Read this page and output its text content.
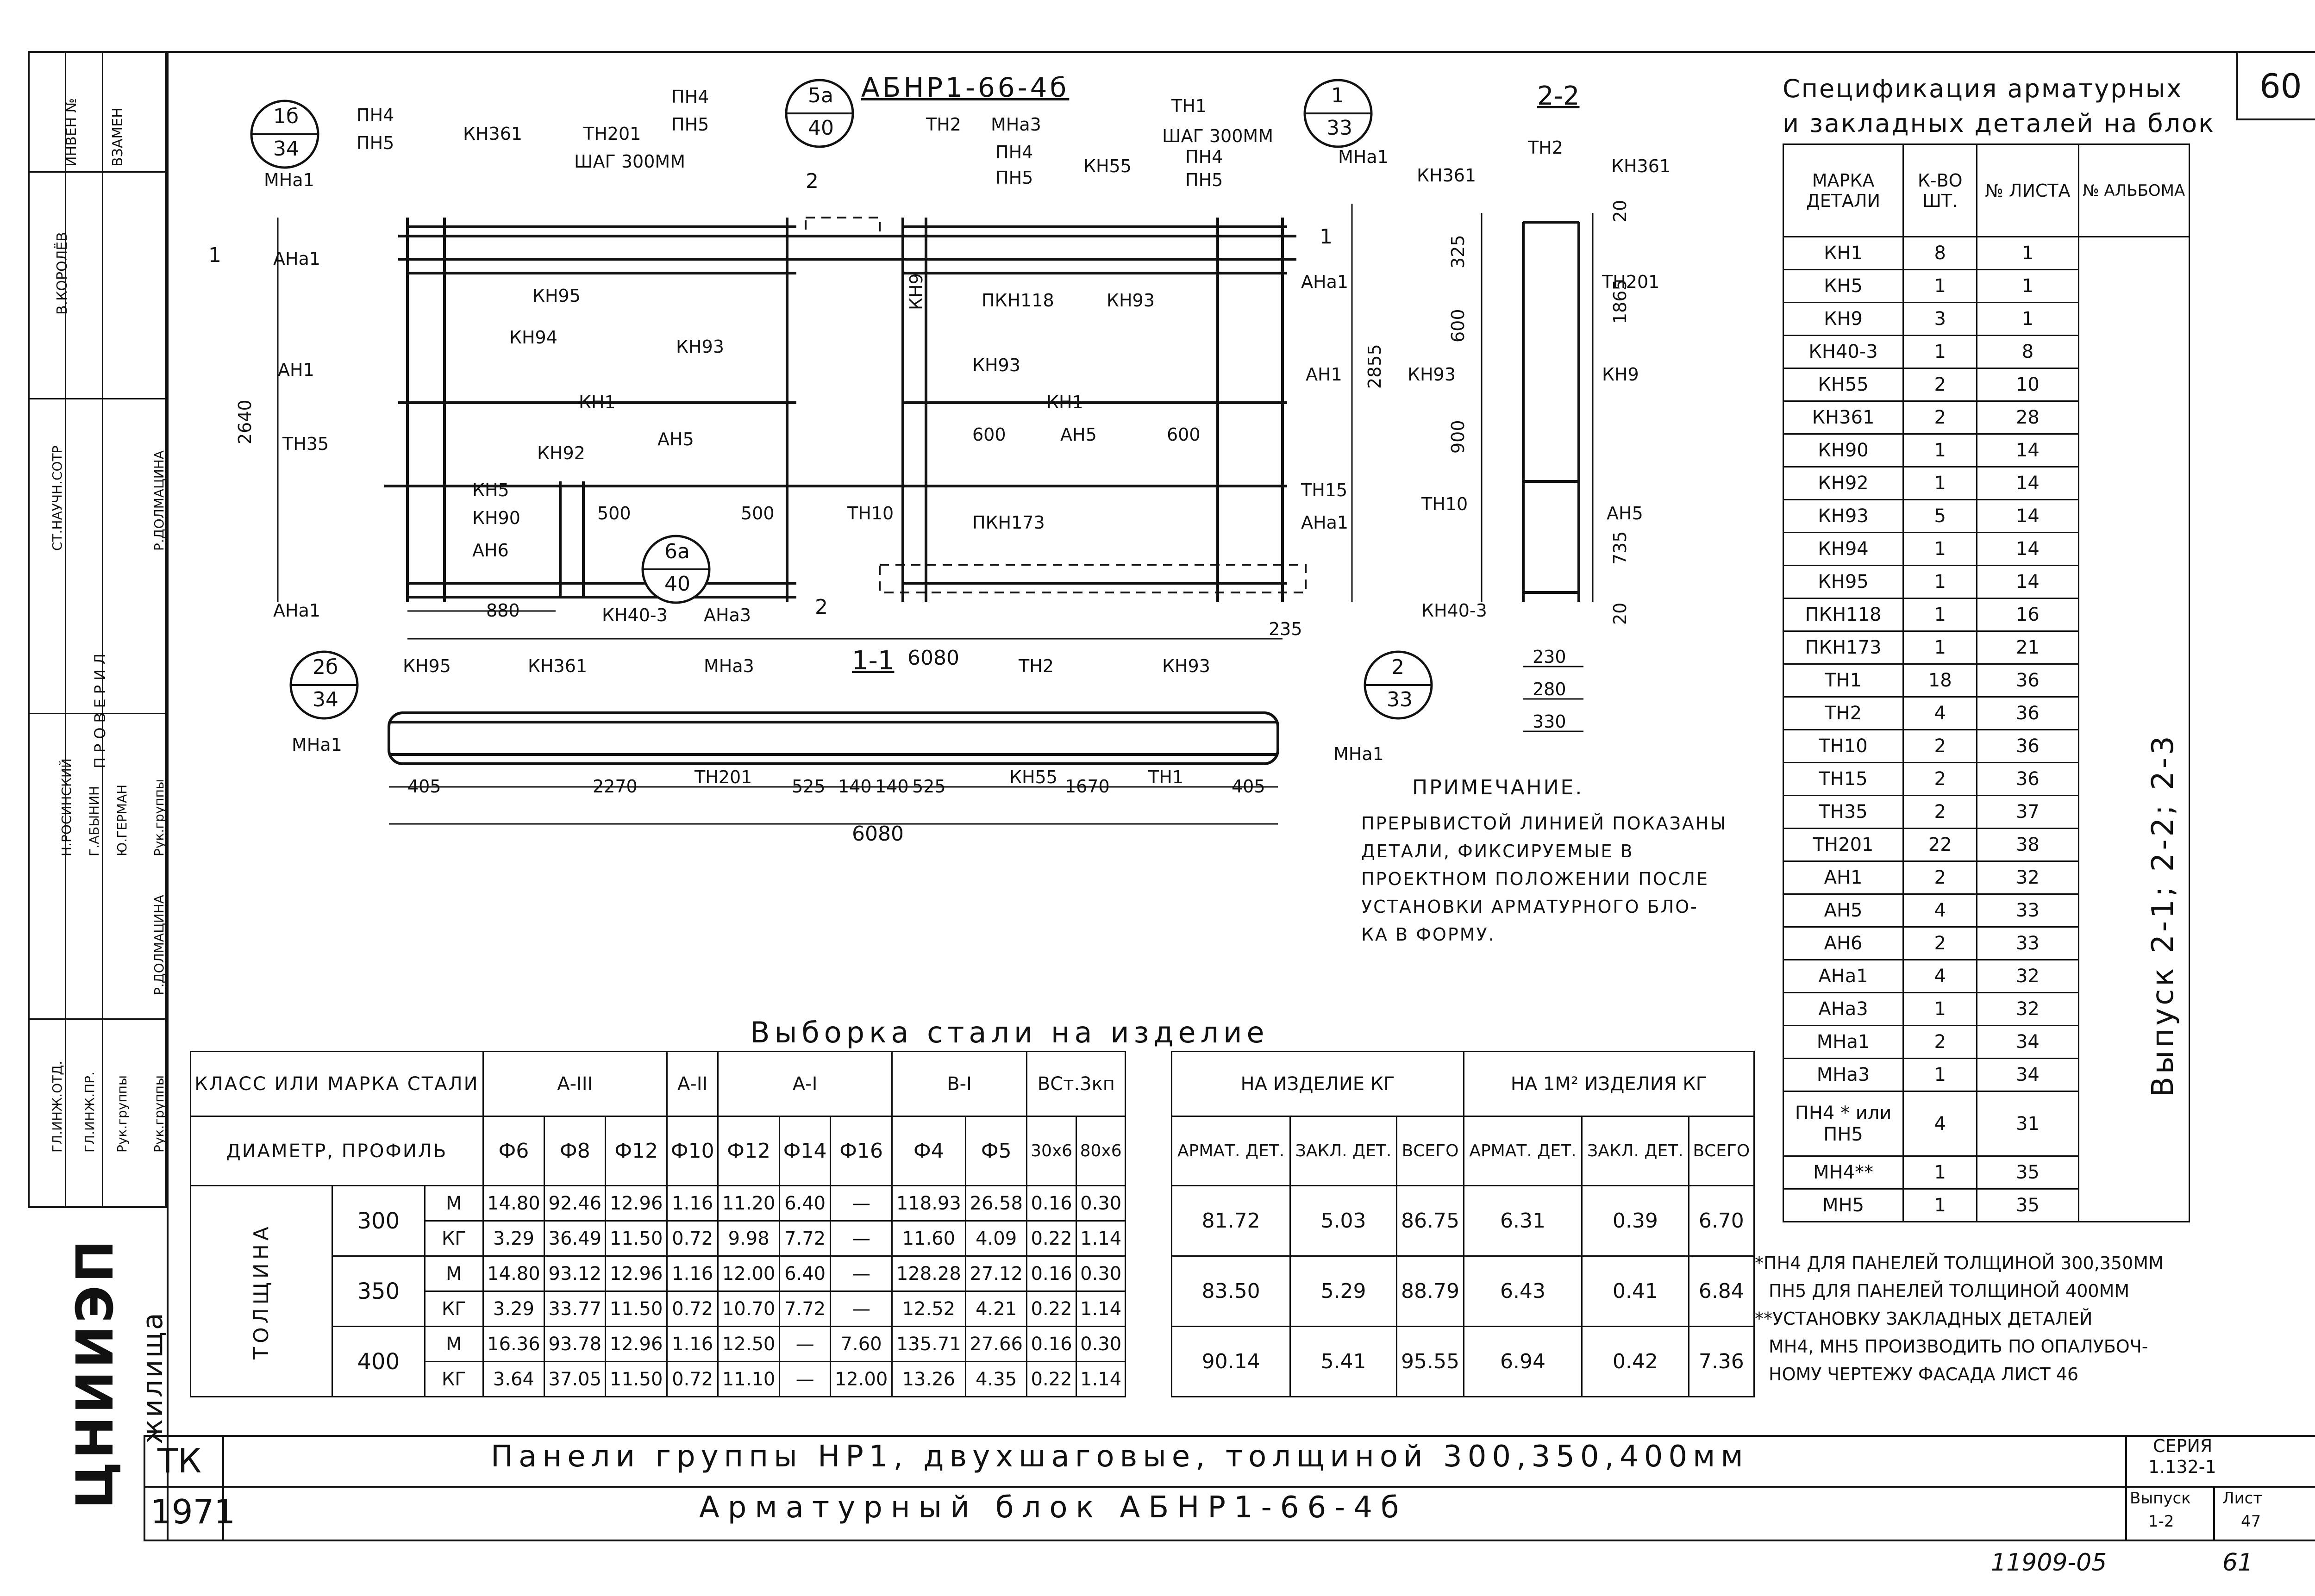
60
ИНВЕН № ВЗАМЕН
В.КОРОЛЁВ
СТ.НАУЧН.СОТР
ПРОВЕРИЛ
Рук.группы
Р.ДОЛМАЦИНА
Н.РОСИНСКИЙ Г.АБЫНИН Ю.ГЕРМАН
Р.ДОЛМАЦИНА
ГЛ.ИНЖ.ОТД. ГЛ.ИНЖ.ПР. Рук.группы Рук.группы
жилища
ЦНИИЭП
1б
34
5а
40
1
33
6а
40
2б
34
2
33
АБНР1-66-4б
ПН4
ПН5
МНа1
КН361	ТН201
ШАГ 300ММ
ПН4
ПН5	ТН2 МНа3
ПН4
ПН5
КН55
ТН1
ШАГ 300ММ
ПН4
ПН5
МНа1
АНа1
КН95
АН1
КН94	КН93
КН9	ПКН118	КН93
АН1
АНа1
КН1
КН93
КН1
ТН35	КН92
АН5	600	АН5	600
ТН15
КН5
КН90	500	500	ТН10	ПКН173	АНа1
АН6
880	КН40-3 АНа3
АНа1
2640
2855
6080
235
1
1
2
2
2-2
ТН2
КН361	КН361
ТН201
КН93	КН9
ТН10	АН5
КН40-3
325
600
900
20
1865
735
20
230
280
330
1-1
КН95	КН361	МНа3	ТН2	КН93
МНа1
ТН201	КН55	ТН1
МНа1
405	2270	525 140 140 525	1670	405
6080
ПРИМЕЧАНИЕ.
ПРЕРЫВИСТОЙ ЛИНИЕЙ ПОКАЗАНЫ
ДЕТАЛИ, ФИКСИРУЕМЫЕ В
ПРОЕКТНОМ ПОЛОЖЕНИИ ПОСЛЕ
УСТАНОВКИ АРМАТУРНОГО БЛО-
КА В ФОРМУ.
Спецификация арматурных
и закладных деталей на блок
МАРКА ДЕТАЛИ	К-ВО ШТ.	№ ЛИСТА	№ АЛЬБОМА
КН1	8	1	
КН5	1	1	
КН9	3	1	
КН40-3	1	8	
КН55	2	10	
КН361	2	28	
КН90	1	14	
КН92	1	14	
КН93	5	14	
КН94	1	14	
КН95	1	14	
ПКН118	1	16	
ПКН173	1	21	
ТН1	18	36	
ТН2	4	36	
ТН10	2	36	
ТН15	2	36	
ТН35	2	37	
ТН201	22	38	
АН1	2	32	
АН5	4	33	
АН6	2	33	
АНа1	4	32	
АНа3	1	32	
МНа1	2	34	
МНа3	1	34	
ПН4 * или ПН5	4	31	
МН4**	1	35	
МН5	1	35	
Выпуск 2-1; 2-2; 2-3
*ПН4 ДЛЯ ПАНЕЛЕЙ ТОЛЩИНОЙ 300,350ММ
ПН5 ДЛЯ ПАНЕЛЕЙ ТОЛЩИНОЙ 400ММ
**УСТАНОВКУ ЗАКЛАДНЫХ ДЕТАЛЕЙ
МН4, МН5 ПРОИЗВОДИТЬ ПО ОПАЛУБОЧ-
НОМУ ЧЕРТЕЖУ ФАСАДА ЛИСТ 46
Выборка стали на изделие
КЛАСС ИЛИ МАРКА СТАЛИ			А-III			А-II	А-I			В-I		ВСт.3кп			НА ИЗДЕЛИЕ КГ			НА 1М² ИЗДЕЛИЯ КГ		
ДИАМЕТР, ПРОФИЛЬ			Ф6	Ф8	Ф12	Ф10	Ф12	Ф14	Ф16	Ф4	Ф5	30х6	80х6		АРМАТ. ДЕТ.	ЗАКЛ. ДЕТ.	ВСЕГО	АРМАТ. ДЕТ.	ЗАКЛ. ДЕТ.	ВСЕГО

ТОЛЩИНА	300	М	14.80	92.46	12.96	1.16	11.20	6.40	—	118.93	26.58	0.16	0.30		81.72	5.03	86.75	6.31	0.39	6.70
		КГ	3.29	36.49	11.50	0.72	9.98	7.72	—	11.60	4.09	0.22	1.14							
	350	М	14.80	93.12	12.96	1.16	12.00	6.40	—	128.28	27.12	0.16	0.30		83.50	5.29	88.79	6.43	0.41	6.84
		КГ	3.29	33.77	11.50	0.72	10.70	7.72	—	12.52	4.21	0.22	1.14							
	400	М	16.36	93.78	12.96	1.16	12.50	—	7.60	135.71	27.66	0.16	0.30		90.14	5.41	95.55	6.94	0.42	7.36
		КГ	3.64	37.05	11.50	0.72	11.10	—	12.00	13.26	4.35	0.22	1.14							
ТК
1971
Панели группы НР1, двухшаговые, толщиной 300,350,400мм
Арматурный блок АБНР1-66-4б
СЕРИЯ
1.132-1
Выпуск
1-2
Лист
47
11909-05	61
